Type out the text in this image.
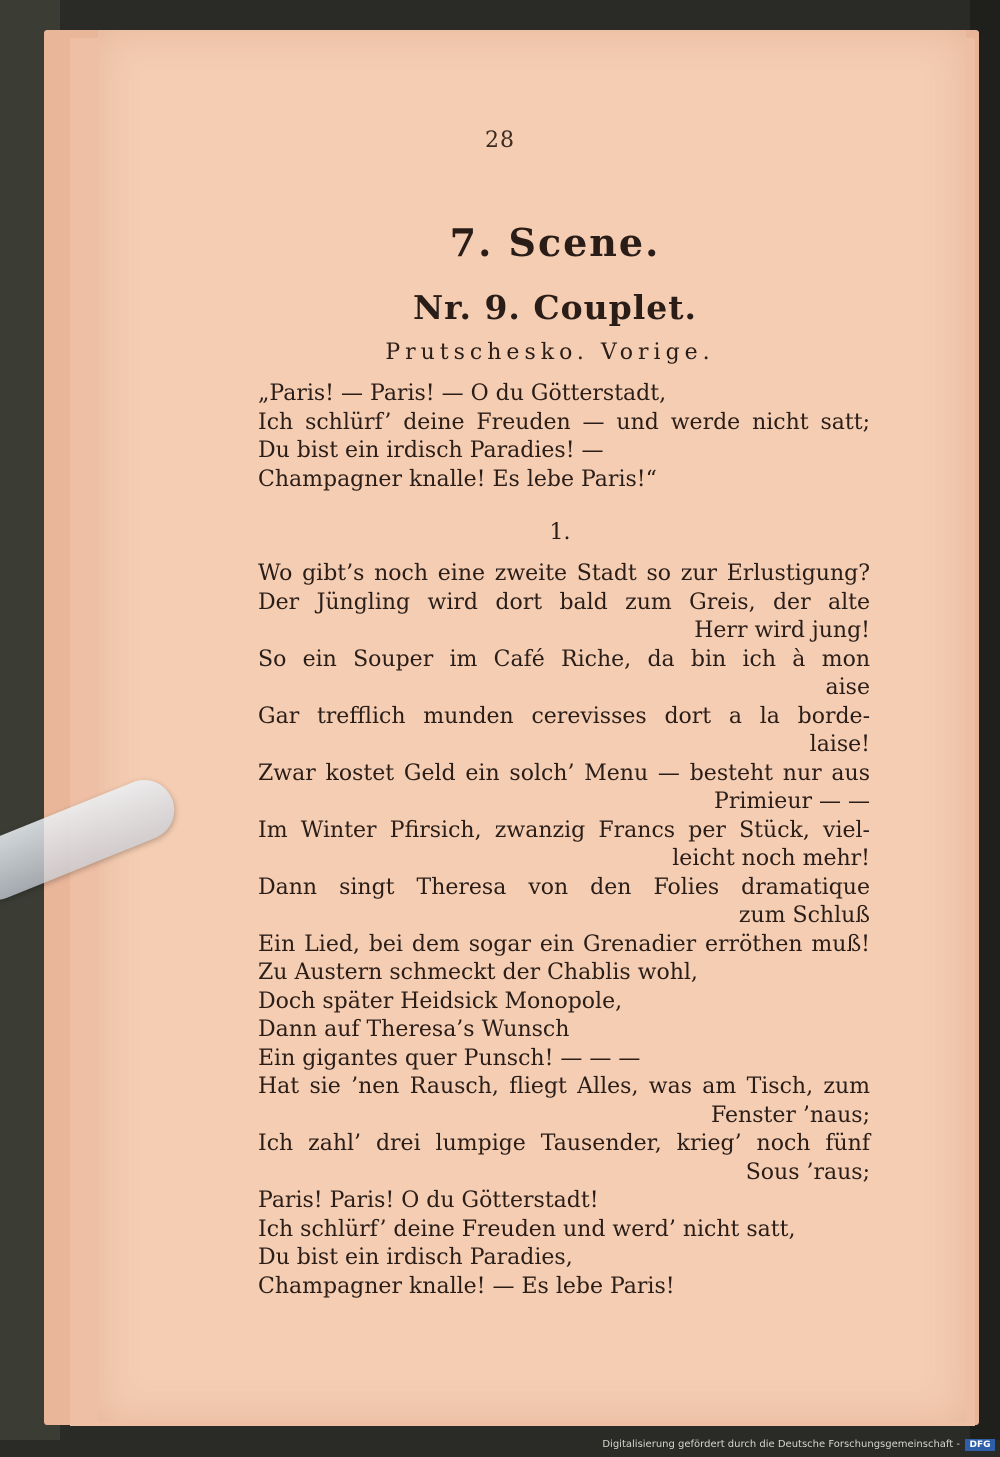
28
7. Scene.
Nr. 9. Couplet.
Prutschesko. Vorige.
„Paris! — Paris! — O du Götterstadt,
Ich schlürf’ deine Freuden — und werde nicht satt;
Du bist ein irdisch Paradies! —
Champagner knalle! Es lebe Paris!“
1.
Wo gibt’s noch eine zweite Stadt so zur Erlustigung?
Der Jüngling wird dort bald zum Greis, der alte
Herr wird jung!
So ein Souper im Café Riche, da bin ich à mon
aise
Gar trefflich munden cerevisses dort a la borde-
laise!
Zwar kostet Geld ein solch’ Menu — besteht nur aus
Primieur — —
Im Winter Pfirsich, zwanzig Francs per Stück, viel-
leicht noch mehr!
Dann singt Theresa von den Folies dramatique
zum Schluß
Ein Lied, bei dem sogar ein Grenadier erröthen muß!
Zu Austern schmeckt der Chablis wohl,
Doch später Heidsick Monopole,
Dann auf Theresa’s Wunsch
Ein gigantes quer Punsch! — — —
Hat sie ’nen Rausch, fliegt Alles, was am Tisch, zum
Fenster ’naus;
Ich zahl’ drei lumpige Tausender, krieg’ noch fünf
Sous ’raus;
Paris! Paris! O du Götterstadt!
Ich schlürf’ deine Freuden und werd’ nicht satt,
Du bist ein irdisch Paradies,
Champagner knalle! — Es lebe Paris!
Digitalisierung gefördert durch die Deutsche Forschungsgemeinschaft -	DFG
